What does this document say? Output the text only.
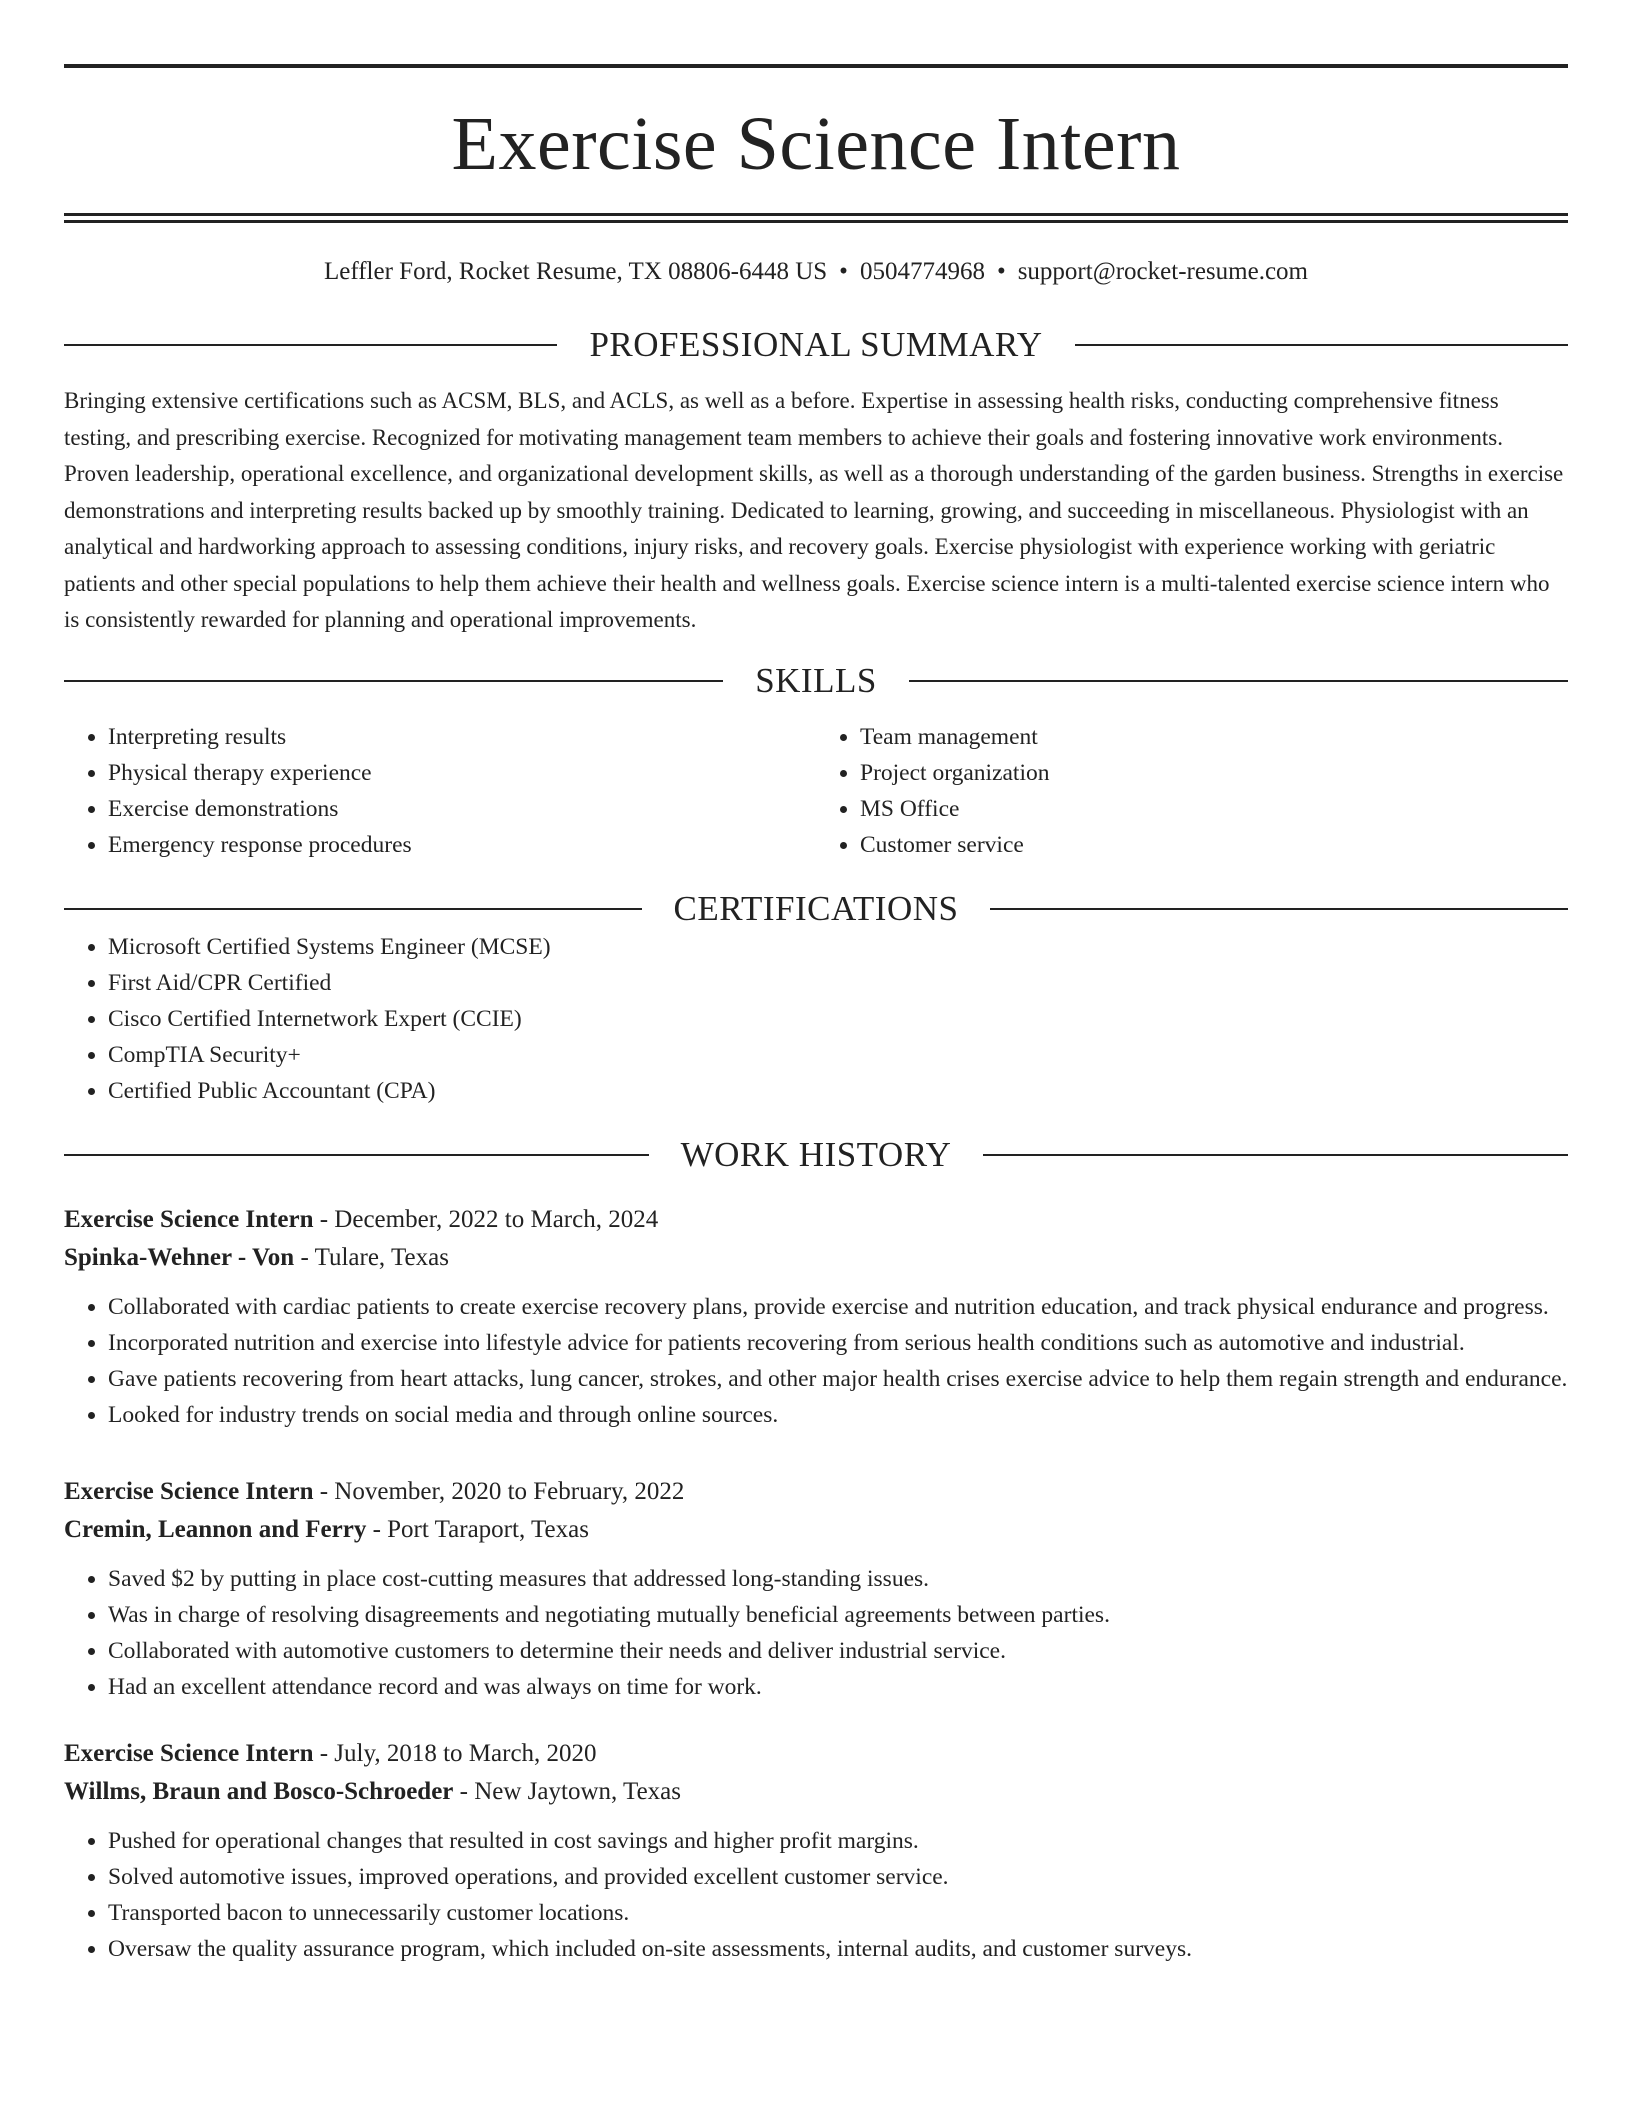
Exercise Science Intern
Leffler Ford, Rocket Resume, TX 08806-6448 US • 0504774968 • support@rocket-resume.com
PROFESSIONAL SUMMARY
Bringing extensive certifications such as ACSM, BLS, and ACLS, as well as a before. Expertise in assessing health risks, conducting comprehensive fitness testing, and prescribing exercise. Recognized for motivating management team members to achieve their goals and fostering innovative work environments. Proven leadership, operational excellence, and organizational development skills, as well as a thorough understanding of the garden business. Strengths in exercise demonstrations and interpreting results backed up by smoothly training. Dedicated to learning, growing, and succeeding in miscellaneous. Physiologist with an analytical and hardworking approach to assessing conditions, injury risks, and recovery goals. Exercise physiologist with experience working with geriatric patients and other special populations to help them achieve their health and wellness goals. Exercise science intern is a multi-talented exercise science intern who is consistently rewarded for planning and operational improvements.
SKILLS
• Interpreting results
• Physical therapy experience
• Exercise demonstrations
• Emergency response procedures
• Team management
• Project organization
• MS Office
• Customer service
CERTIFICATIONS
• Microsoft Certified Systems Engineer (MCSE)
• First Aid/CPR Certified
• Cisco Certified Internetwork Expert (CCIE)
• CompTIA Security+
• Certified Public Accountant (CPA)
WORK HISTORY
Exercise Science Intern - December, 2022 to March, 2024
Spinka-Wehner - Von - Tulare, Texas
• Collaborated with cardiac patients to create exercise recovery plans, provide exercise and nutrition education, and track physical endurance and progress.
• Incorporated nutrition and exercise into lifestyle advice for patients recovering from serious health conditions such as automotive and industrial.
• Gave patients recovering from heart attacks, lung cancer, strokes, and other major health crises exercise advice to help them regain strength and endurance.
• Looked for industry trends on social media and through online sources.
Exercise Science Intern - November, 2020 to February, 2022
Cremin, Leannon and Ferry - Port Taraport, Texas
• Saved $2 by putting in place cost-cutting measures that addressed long-standing issues.
• Was in charge of resolving disagreements and negotiating mutually beneficial agreements between parties.
• Collaborated with automotive customers to determine their needs and deliver industrial service.
• Had an excellent attendance record and was always on time for work.
Exercise Science Intern - July, 2018 to March, 2020
Willms, Braun and Bosco-Schroeder - New Jaytown, Texas
• Pushed for operational changes that resulted in cost savings and higher profit margins.
• Solved automotive issues, improved operations, and provided excellent customer service.
• Transported bacon to unnecessarily customer locations.
• Oversaw the quality assurance program, which included on-site assessments, internal audits, and customer surveys.
